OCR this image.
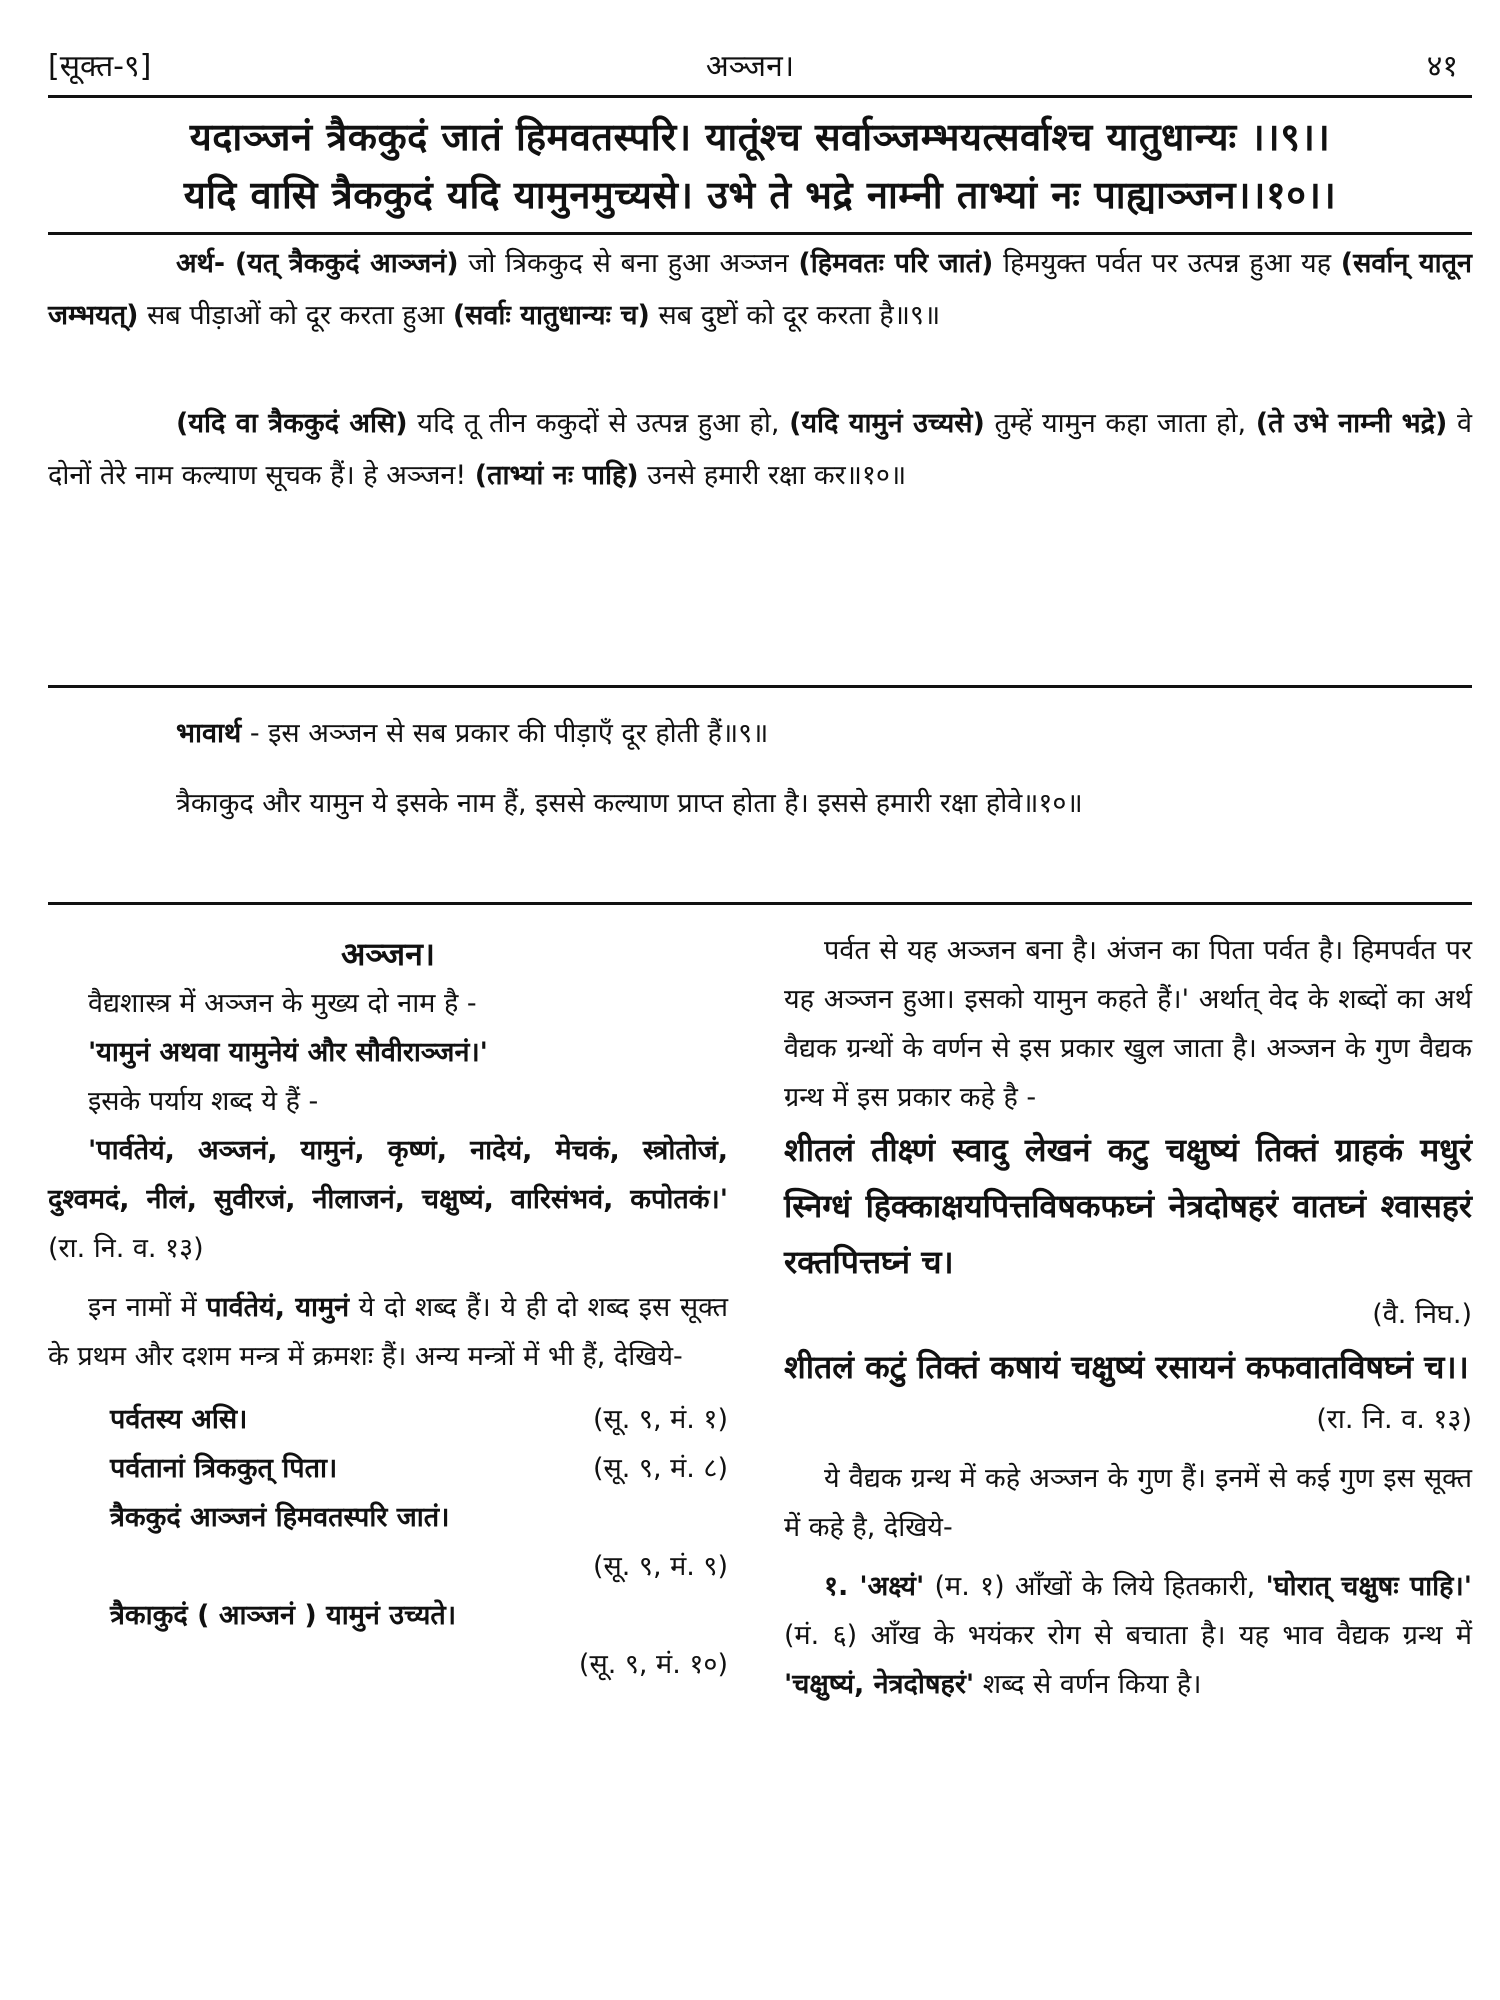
[सूक्त-९]	अञ्जन।	४१
यदाञ्जनं त्रैककुदं जातं हिमवतस्परि। यातूंश्च सर्वाञ्जम्भयत्सर्वाश्च यातुधान्यः ।।९।।
यदि वासि त्रैककुदं यदि यामुनमुच्यसे। उभे ते भद्रे नाम्नी ताभ्यां नः पाह्याञ्जन।।१०।।
अर्थ- (यत् त्रैककुदं आञ्जनं) जो त्रिककुद से बना हुआ अञ्जन (हिमवतः परि जातं) हिमयुक्त पर्वत पर उत्पन्न हुआ यह (सर्वान् यातून जम्भयत्) सब पीड़ाओं को दूर करता हुआ (सर्वाः यातुधान्यः च) सब दुष्टों को दूर करता है॥९॥
(यदि वा त्रैककुदं असि) यदि तू तीन ककुदों से उत्पन्न हुआ हो, (यदि यामुनं उच्यसे) तुम्हें यामुन कहा जाता हो, (ते उभे नाम्नी भद्रे) वे दोनों तेरे नाम कल्याण सूचक हैं। हे अञ्जन! (ताभ्यां नः पाहि) उनसे हमारी रक्षा कर॥१०॥
भावार्थ - इस अञ्जन से सब प्रकार की पीड़ाएँ दूर होती हैं॥९॥
त्रैकाकुद और यामुन ये इसके नाम हैं, इससे कल्याण प्राप्त होता है। इससे हमारी रक्षा होवे॥१०॥

अञ्जन।

वैद्यशास्त्र में अञ्जन के मुख्य दो नाम है -

'यामुनं अथवा यामुनेयं और सौवीराञ्जनं।'

इसके पर्याय शब्द ये हैं -

'पार्वतेयं, अञ्जनं, यामुनं, कृष्णं, नादेयं, मेचकं, स्त्रोतोजं, दुश्वमदं, नीलं, सुवीरजं, नीलाजनं, चक्षुष्यं, वारिसंभवं, कपोतकं।' (रा. नि. व. १३)

इन नामों में पार्वतेयं, यामुनं ये दो शब्द हैं। ये ही दो शब्द इस सूक्त के प्रथम और दशम मन्त्र में क्रमशः हैं। अन्य मन्त्रों में भी हैं, देखिये-

पर्वतस्य असि।	(सू. ९, मं. १)
पर्वतानां त्रिककुत् पिता।	(सू. ९, मं. ८)

त्रैककुदं आञ्जनं हिमवतस्परि जातं।

(सू. ९, मं. ९)

त्रैकाकुदं ( आञ्जनं ) यामुनं उच्यते।

(सू. ९, मं. १०)

पर्वत से यह अञ्जन बना है। अंजन का पिता पर्वत है। हिमपर्वत पर यह अञ्जन हुआ। इसको यामुन कहते हैं।' अर्थात् वेद के शब्दों का अर्थ वैद्यक ग्रन्थों के वर्णन से इस प्रकार खुल जाता है। अञ्जन के गुण वैद्यक ग्रन्थ में इस प्रकार कहे है -

शीतलं तीक्ष्णं स्वादु लेखनं कटु चक्षुष्यं तिक्तं ग्राहकं मधुरं स्निग्धं हिक्काक्षयपित्तविषकफघ्नं नेत्रदोषहरं वातघ्नं श्वासहरं रक्तपित्तघ्नं च।

(वै. निघ.)

शीतलं कटुं तिक्तं कषायं चक्षुष्यं रसायनं कफवातविषघ्नं च।।

(रा. नि. व. १३)

ये वैद्यक ग्रन्थ में कहे अञ्जन के गुण हैं। इनमें से कई गुण इस सूक्त में कहे है, देखिये-

१. 'अक्ष्यं' (म. १) आँखों के लिये हितकारी, 'घोरात् चक्षुषः पाहि।' (मं. ६) आँख के भयंकर रोग से बचाता है। यह भाव वैद्यक ग्रन्थ में 'चक्षुष्यं, नेत्रदोषहरं' शब्द से वर्णन किया है।
